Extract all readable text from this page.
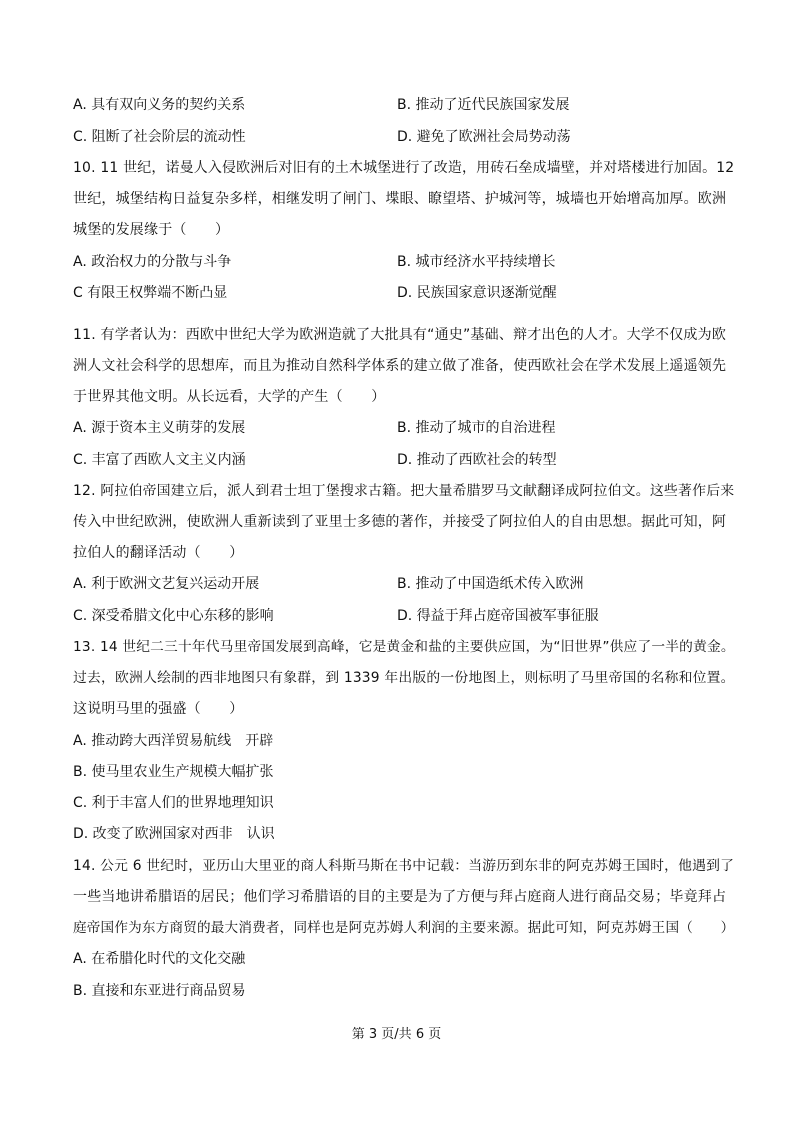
A. 具有双向义务的契约关系	B. 推动了近代民族国家发展
C. 阻断了社会阶层的流动性	D. 避免了欧洲社会局势动荡
10. 11 世纪，诺曼人入侵欧洲后对旧有的土木城堡进行了改造，用砖石垒成墙壁，并对塔楼进行加固。12
世纪，城堡结构日益复杂多样，相继发明了闸门、堞眼、瞭望塔、护城河等，城墙也开始增高加厚。欧洲
城堡的发展缘于（　　）
A. 政治权力的分散与斗争	B. 城市经济水平持续增长
C 有限王权弊端不断凸显	D. 民族国家意识逐渐觉醒
11. 有学者认为：西欧中世纪大学为欧洲造就了大批具有“通史”基础、辩才出色的人才。大学不仅成为欧
洲人文社会科学的思想库，而且为推动自然科学体系的建立做了准备，使西欧社会在学术发展上遥遥领先
于世界其他文明。从长远看，大学的产生（　　）
A. 源于资本主义萌芽的发展	B. 推动了城市的自治进程
C. 丰富了西欧人文主义内涵	D. 推动了西欧社会的转型
12. 阿拉伯帝国建立后，派人到君士坦丁堡搜求古籍。把大量希腊罗马文献翻译成阿拉伯文。这些著作后来
传入中世纪欧洲，使欧洲人重新读到了亚里士多德的著作，并接受了阿拉伯人的自由思想。据此可知，阿
拉伯人的翻译活动（　　）
A. 利于欧洲文艺复兴运动开展	B. 推动了中国造纸术传入欧洲
C. 深受希腊文化中心东移的影响	D. 得益于拜占庭帝国被军事征服
13. 14 世纪二三十年代马里帝国发展到高峰，它是黄金和盐的主要供应国，为“旧世界”供应了一半的黄金。
过去，欧洲人绘制的西非地图只有象群，到 1339 年出版的一份地图上，则标明了马里帝国的名称和位置。
这说明马里的强盛（　　）
A. 推动跨大西洋贸易航线　开辟
B. 使马里农业生产规模大幅扩张
C. 利于丰富人们的世界地理知识
D. 改变了欧洲国家对西非　认识
14. 公元 6 世纪时，亚历山大里亚的商人科斯马斯在书中记载：当游历到东非的阿克苏姆王国时，他遇到了
一些当地讲希腊语的居民；他们学习希腊语的目的主要是为了方便与拜占庭商人进行商品交易；毕竟拜占
庭帝国作为东方商贸的最大消费者，同样也是阿克苏姆人利润的主要来源。据此可知，阿克苏姆王国（　　）
A. 在希腊化时代的文化交融
B. 直接和东亚进行商品贸易
第 3 页/共 6 页
